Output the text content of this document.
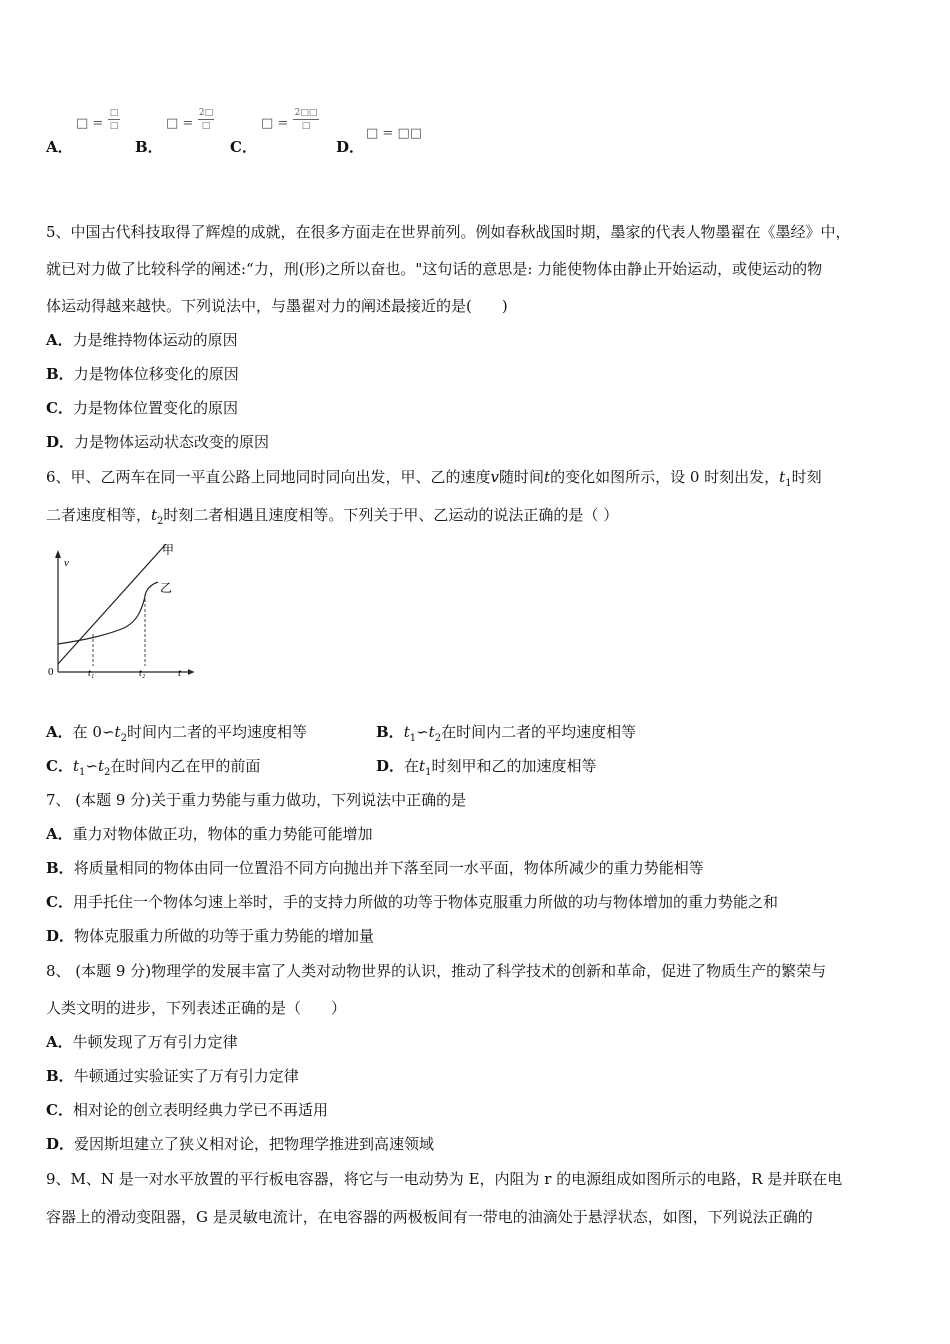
A．
□ =
□
□
B．
□ =
2□
□
C．
□ =
2□□
□
D．
□ = □□
5、中国古代科技取得了辉煌的成就，在很多方面走在世界前列。例如春秋战国时期，墨家的代表人物墨翟在《墨经》中，
就已对力做了比较科学的阐述:“力，刑(形)之所以奋也。"这句话的意思是: 力能使物体由静止开始运动，或使运动的物
体运动得越来越快。下列说法中，与墨翟对力的阐述最接近的是(　　)
A．力是维持物体运动的原因
B．力是物体位移变化的原因
C．力是物体位置变化的原因
D．力是物体运动状态改变的原因
6、甲、乙两车在同一平直公路上同地同时同向出发，甲、乙的速度v随时间t的变化如图所示，设 0 时刻出发，$t_1$时刻
二者速度相等，$t_2$时刻二者相遇且速度相等。下列关于甲、乙运动的说法正确的是（ ）
v
t
0	t₁	t₂
甲
乙
A．在 $0∽t_2$时间内二者的平均速度相等	B．$t_1∽t_2$在时间内二者的平均速度相等
C．$t_1∽t_2$在时间内乙在甲的前面	D．在$t_1$时刻甲和乙的加速度相等
7、 (本题 9 分)关于重力势能与重力做功，下列说法中正确的是
A．重力对物体做正功，物体的重力势能可能增加
B．将质量相同的物体由同一位置沿不同方向抛出并下落至同一水平面，物体所减少的重力势能相等
C．用手托住一个物体匀速上举时，手的支持力所做的功等于物体克服重力所做的功与物体增加的重力势能之和
D．物体克服重力所做的功等于重力势能的增加量
8、 (本题 9 分)物理学的发展丰富了人类对动物世界的认识，推动了科学技术的创新和革命，促进了物质生产的繁荣与
人类文明的进步，下列表述正确的是（　　）
A．牛顿发现了万有引力定律
B．牛顿通过实验证实了万有引力定律
C．相对论的创立表明经典力学已不再适用
D．爱因斯坦建立了狭义相对论，把物理学推进到高速领域
9、M、N 是一对水平放置的平行板电容器，将它与一电动势为 E，内阻为 r 的电源组成如图所示的电路，R 是并联在电
容器上的滑动变阻器，G 是灵敏电流计，在电容器的两极板间有一带电的油滴处于悬浮状态，如图，下列说法正确的
